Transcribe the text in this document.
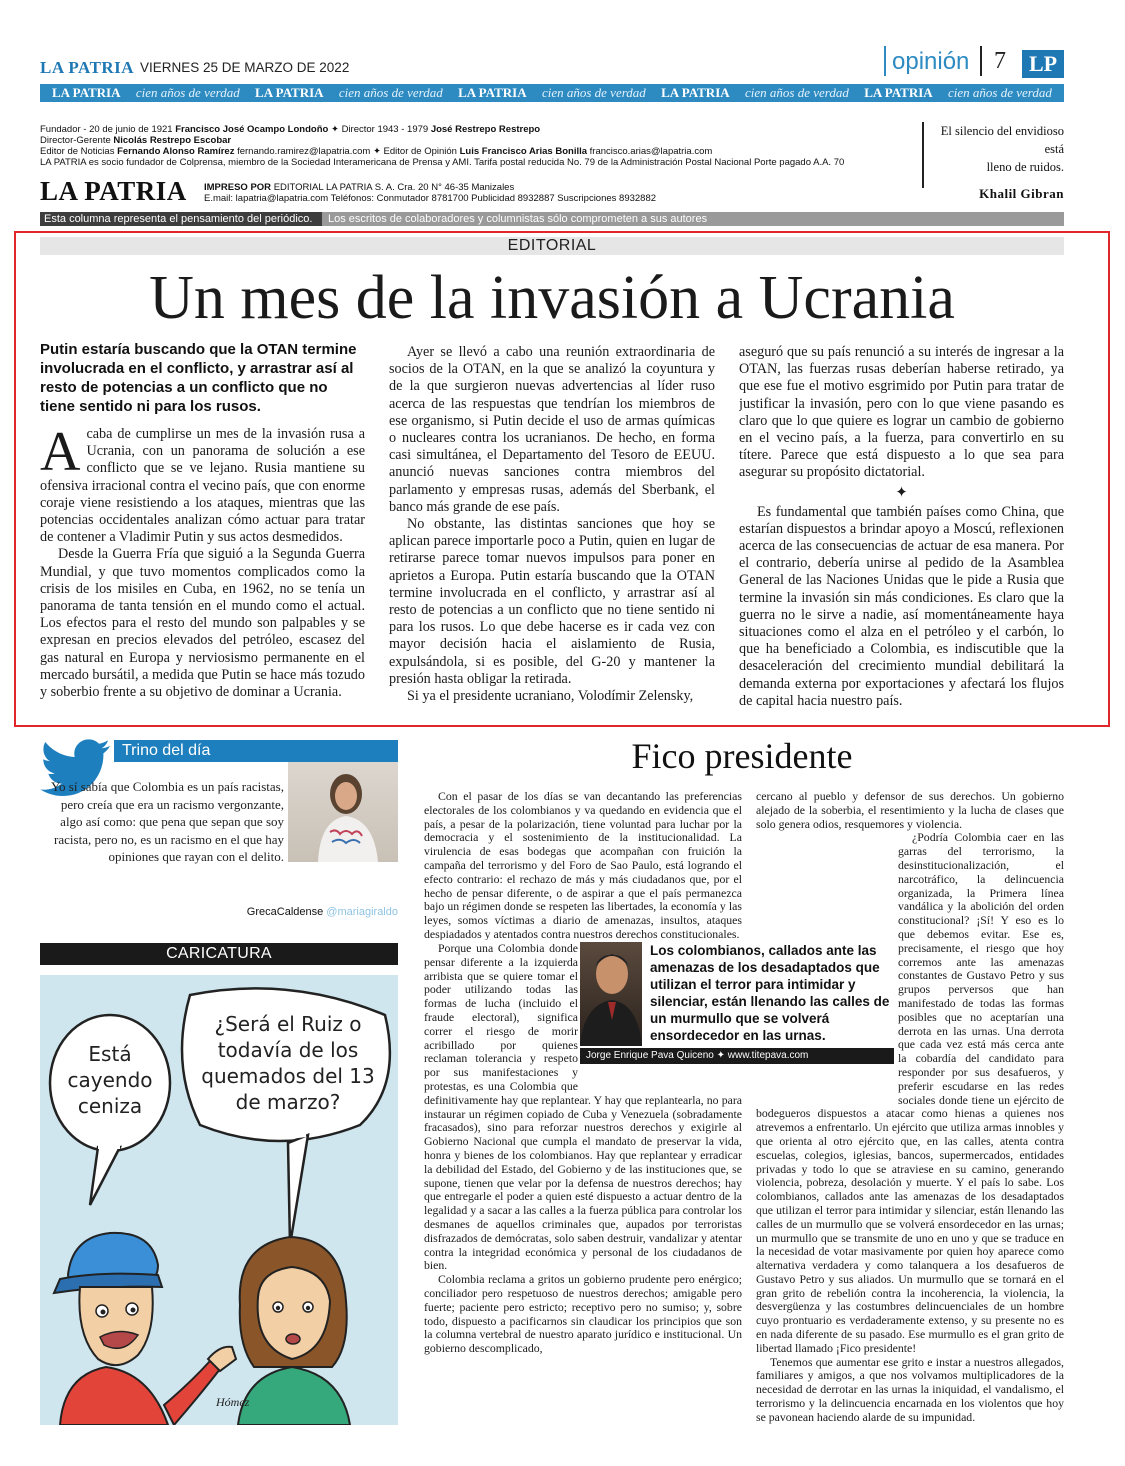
LA PATRIA VIERNES 25 DE MARZO DE 2022	opinión 7	LP
LA PATRIA cien años de verdad LA PATRIA cien años de verdad LA PATRIA cien años de verdad LA PATRIA cien años de verdad LA PATRIA cien años de verdad
Fundador - 20 de junio de 1921 Francisco José Ocampo Londoño ✦ Director 1943 - 1979 José Restrepo Restrepo
Director-Gerente Nicolás Restrepo Escobar
Editor de Noticias Fernando Alonso Ramírez fernando.ramirez@lapatria.com ✦ Editor de Opinión Luis Francisco Arias Bonilla francisco.arias@lapatria.com
LA PATRIA es socio fundador de Colprensa, miembro de la Sociedad Interamericana de Prensa y AMI. Tarifa postal reducida No. 79 de la Administración Postal Nacional Porte pagado A.A. 70
LA PATRIA IMPRESO POR EDITORIAL LA PATRIA S. A. Cra. 20 N° 46-35 Manizales
E.mail: lapatria@lapatria.com Teléfonos: Conmutador 8781700 Publicidad 8932887 Suscripciones 8932882
El silencio del envidioso está
lleno de ruidos.
Khalil Gibran
Esta columna representa el pensamiento del periódico.	Los escritos de colaboradores y columnistas sólo comprometen a sus autores
EDITORIAL
Un mes de la invasión a Ucrania
Putin estaría buscando que la OTAN termine involucrada en el conflicto, y arrastrar así al resto de potencias a un conflicto que no tiene sentido ni para los rusos.

Acaba de cumplirse un mes de la invasión rusa a Ucrania, con un panorama de solución a ese conflicto que se ve lejano. Rusia mantiene su ofensiva irracional contra el vecino país, que con enorme coraje viene resistiendo a los ataques, mientras que las potencias occidentales analizan cómo actuar para tratar de contener a Vladimir Putin y sus actos desmedidos.

Desde la Guerra Fría que siguió a la Segunda Guerra Mundial, y que tuvo momentos complicados como la crisis de los misiles en Cuba, en 1962, no se tenía un panorama de tanta tensión en el mundo como el actual. Los efectos para el resto del mundo son palpables y se expresan en precios elevados del petróleo, escasez del gas natural en Europa y nerviosismo permanente en el mercado bursátil, a medida que Putin se hace más tozudo y soberbio frente a su objetivo de dominar a Ucrania.

Ayer se llevó a cabo una reunión extraordinaria de socios de la OTAN, en la que se analizó la coyuntura y de la que surgieron nuevas advertencias al líder ruso acerca de las respuestas que tendrían los miembros de ese organismo, si Putin decide el uso de armas químicas o nucleares contra los ucranianos. De hecho, en forma casi simultánea, el Departamento del Tesoro de EEUU. anunció nuevas sanciones contra miembros del parlamento y empresas rusas, además del Sberbank, el banco más grande de ese país.

No obstante, las distintas sanciones que hoy se aplican parece importarle poco a Putin, quien en lugar de retirarse parece tomar nuevos impulsos para poner en aprietos a Europa. Putin estaría buscando que la OTAN termine involucrada en el conflicto, y arrastrar así al resto de potencias a un conflicto que no tiene sentido ni para los rusos. Lo que debe hacerse es ir cada vez con mayor decisión hacia el aislamiento de Rusia, expulsándola, si es posible, del G-20 y mantener la presión hasta obligar la retirada.

Si ya el presidente ucraniano, Volodímir Zelensky,

aseguró que su país renunció a su interés de ingresar a la OTAN, las fuerzas rusas deberían haberse retirado, ya que ese fue el motivo esgrimido por Putin para tratar de justificar la invasión, pero con lo que viene pasando es claro que lo que quiere es lograr un cambio de gobierno en el vecino país, a la fuerza, para convertirlo en su títere. Parece que está dispuesto a lo que sea para asegurar su propósito dictatorial.

✦

Es fundamental que también países como China, que estarían dispuestos a brindar apoyo a Moscú, reflexionen acerca de las consecuencias de actuar de esa manera. Por el contrario, debería unirse al pedido de la Asamblea General de las Naciones Unidas que le pide a Rusia que termine la invasión sin más condiciones. Es claro que la guerra no le sirve a nadie, así momentáneamente haya situaciones como el alza en el petróleo y el carbón, lo que ha beneficiado a Colombia, es indiscutible que la desaceleración del crecimiento mundial debilitará la demanda externa por exportaciones y afectará los flujos de capital hacia nuestro país.

Trino del día
Yo sí sabía que Colombia es un país racistas, pero creía que era un racismo vergonzante, algo así como: que pena que sepan que soy racista, pero no, es un racismo en el que hay opiniones que rayan con el delito.
GrecaCaldense @mariagiraldo
CARICATURA
Está cayendo ceniza
¿Será el Ruiz o todavía de los quemados del 13 de marzo?
Hómez
Fico presidente

Con el pasar de los días se van decantando las preferencias electorales de los colombianos y va quedando en evidencia que el país, a pesar de la polarización, tiene voluntad para luchar por la democracia y el sostenimiento de la institucionalidad. La virulencia de esas bodegas que acompañan con fruición la campaña del terrorismo y del Foro de Sao Paulo, está logrando el efecto contrario: el rechazo de más y más ciudadanos que, por el hecho de pensar diferente, o de aspirar a que el país permanezca bajo un régimen donde se respeten las libertades, la economía y las leyes, somos víctimas a diario de amenazas, insultos, ataques despiadados y atentados contra nuestros derechos constitucionales.

Los colombianos, callados ante las amenazas de los desadaptados que utilizan el terror para intimidar y silenciar, están llenando las calles de un murmullo que se volverá ensordecedor en las urnas.
Jorge Enrique Pava Quiceno ✦ www.titepava.com

Porque una Colombia donde pensar diferente a la izquierda arribista que se quiere tomar el poder utilizando todas las formas de lucha (incluido el fraude electoral), significa correr el riesgo de morir acribillado por quienes reclaman tolerancia y respeto por sus manifestaciones y protestas, es una Colombia que definitivamente hay que replantear. Y hay que replantearla, no para instaurar un régimen copiado de Cuba y Venezuela (sobradamente fracasados), sino para reforzar nuestros derechos y exigirle al Gobierno Nacional que cumpla el mandato de preservar la vida, honra y bienes de los colombianos. Hay que replantear y erradicar la debilidad del Estado, del Gobierno y de las instituciones que, se supone, tienen que velar por la defensa de nuestros derechos; hay que entregarle el poder a quien esté dispuesto a actuar dentro de la legalidad y a sacar a las calles a la fuerza pública para controlar los desmanes de aquellos criminales que, aupados por terroristas disfrazados de demócratas, solo saben destruir, vandalizar y atentar contra la integridad económica y personal de los ciudadanos de bien.

Colombia reclama a gritos un gobierno prudente pero enérgico; conciliador pero respetuoso de nuestros derechos; amigable pero fuerte; paciente pero estricto; receptivo pero no sumiso; y, sobre todo, dispuesto a pacificarnos sin claudicar los principios que son la columna vertebral de nuestro aparato jurídico e institucional. Un gobierno descomplicado,

cercano al pueblo y defensor de sus derechos. Un gobierno alejado de la soberbia, el resentimiento y la lucha de clases que solo genera odios, resquemores y violencia.

¿Podría Colombia caer en las garras del terrorismo, la desinstitucionalización, el narcotráfico, la delincuencia organizada, la Primera línea vandálica y la abolición del orden constitucional? ¡Sí! Y eso es lo que debemos evitar. Ese es, precisamente, el riesgo que hoy corremos ante las amenazas constantes de Gustavo Petro y sus grupos perversos que han manifestado de todas las formas posibles que no aceptarían una derrota en las urnas. Una derrota que cada vez está más cerca ante la cobardía del candidato para responder por sus desafueros, y preferir escudarse en las redes sociales donde tiene un ejército de bodegueros dispuestos a atacar como hienas a quienes nos atrevemos a enfrentarlo. Un ejército que utiliza armas innobles y que orienta al otro ejército que, en las calles, atenta contra escuelas, colegios, iglesias, bancos, supermercados, entidades privadas y todo lo que se atraviese en su camino, generando violencia, pobreza, desolación y muerte. Y el país lo sabe. Los colombianos, callados ante las amenazas de los desadaptados que utilizan el terror para intimidar y silenciar, están llenando las calles de un murmullo que se volverá ensordecedor en las urnas; un murmullo que se transmite de uno en uno y que se traduce en la necesidad de votar masivamente por quien hoy aparece como alternativa verdadera y como talanquera a los desafueros de Gustavo Petro y sus aliados. Un murmullo que se tornará en el gran grito de rebelión contra la incoherencia, la violencia, la desvergüenza y las costumbres delincuenciales de un hombre cuyo prontuario es verdaderamente extenso, y su presente no es en nada diferente de su pasado. Ese murmullo es el gran grito de libertad llamado ¡Fico presidente!

Tenemos que aumentar ese grito e instar a nuestros allegados, familiares y amigos, a que nos volvamos multiplicadores de la necesidad de derrotar en las urnas la iniquidad, el vandalismo, el terrorismo y la delincuencia encarnada en los violentos que hoy se pavonean haciendo alarde de su impunidad.
